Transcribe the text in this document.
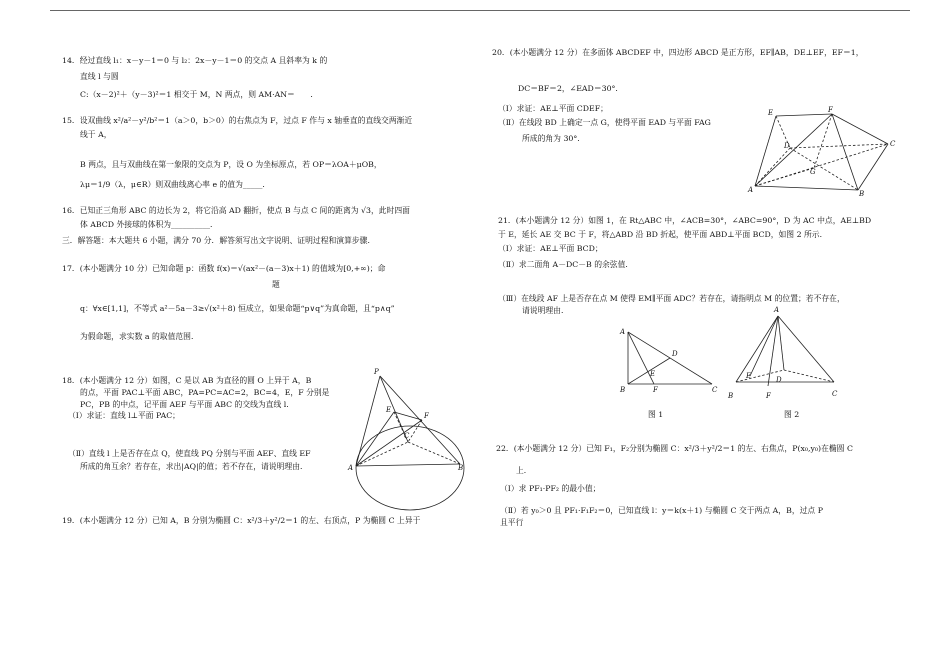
14．经过直线 l₁：x－y－1＝0 与 l₂：2x－y－1＝0 的交点 A 且斜率为 k 的
直线 l 与圆
C:（x－2)²＋（y－3)²＝1 相交于 M，N 两点，则 AM·AN＝　　．
15．设双曲线 x²/a²－y²/b²＝1（a＞0，b＞0）的右焦点为 F，过点 F 作与 x 轴垂直的直线交两渐近
线于 A，
B 两点，且与双曲线在第一象限的交点为 P，设 O 为坐标原点，若 OP＝λOA＋μOB，
λμ＝1/9（λ，μ∈R）则双曲线离心率 e 的值为_____．
16．已知正三角形 ABC 的边长为 2，将它沿高 AD 翻折，使点 B 与点 C 间的距离为 √3，此时四面
体 ABCD 外接球的体积为__________．
三．解答题：本大题共 6 小题，满分 70 分．解答须写出文字说明、证明过程和演算步骤．
17．(本小题满分 10 分）已知命题 p：函数 f(x)＝√(ax²－(a－3)x＋1) 的值域为[0,+∞)；命
题
q：∀x∈[1,1]，不等式 a²－5a－3≥√(x²＋8) 恒成立，如果命题“p∨q”为真命题，且“p∧q”
为假命题，求实数 a 的取值范围．
18．(本小题满分 12 分）如图，C 是以 AB 为直径的圆 O 上异于 A，B
的点，平面 PAC⊥平面 ABC，PA=PC=AC=2，BC=4，E，F 分别是
PC，PB 的中点，记平面 AEF 与平面 ABC 的交线为直线 l．
（Ⅰ）求证：直线 l⊥平面 PAC；
（Ⅱ）直线 l 上是否存在点 Q，使直线 PQ 分别与平面 AEF、直线 EF
所成的角互余？若存在，求出|AQ|的值；若不存在，请说明理由．
19．(本小题满分 12 分）已知 A，B 分别为椭圆 C：x²/3＋y²/2＝1 的左、右顶点，P 为椭圆 C 上异于
P
E
F
C
A	B
20．(本小题满分 12 分）在多面体 ABCDEF 中，四边形 ABCD 是正方形，EF∥AB，DE⊥EF，EF＝1，
DC＝BF＝2，∠EAD＝30°．
（Ⅰ）求证：AE⊥平面 CDEF；
（Ⅱ）在线段 BD 上确定一点 G，使得平面 EAD 与平面 FAG
所成的角为 30°．
21．(本小题满分 12 分）如图 1，在 Rt△ABC 中，∠ACB=30°，∠ABC=90°，D 为 AC 中点，AE⊥BD
于 E，延长 AE 交 BC 于 F，将△ABD 沿 BD 折起，使平面 ABD⊥平面 BCD，如图 2 所示．
（Ⅰ）求证：AE⊥平面 BCD；
（Ⅱ）求二面角 A－DC－B 的余弦值．
（Ⅲ）在线段 AF 上是否存在点 M 使得 EM∥平面 ADC？若存在，请指明点 M 的位置；若不存在，
请说明理由．
图 1	图 2
22．(本小题满分 12 分）已知 F₁，F₂分别为椭圆 C：x²/3＋y²/2＝1 的左、右焦点，P(x₀,y₀)在椭圆 C
上．
（Ⅰ）求 PF₁·PF₂ 的最小值；
（Ⅱ）若 y₀＞0 且 PF₁·F₁F₂＝0，已知直线 l：y＝k(x＋1) 与椭圆 C 交于两点 A，B，过点 P
且平行
E	F
D	C
G
A	B
A
D
E
B	F	C
A
E	D
B	F	C
